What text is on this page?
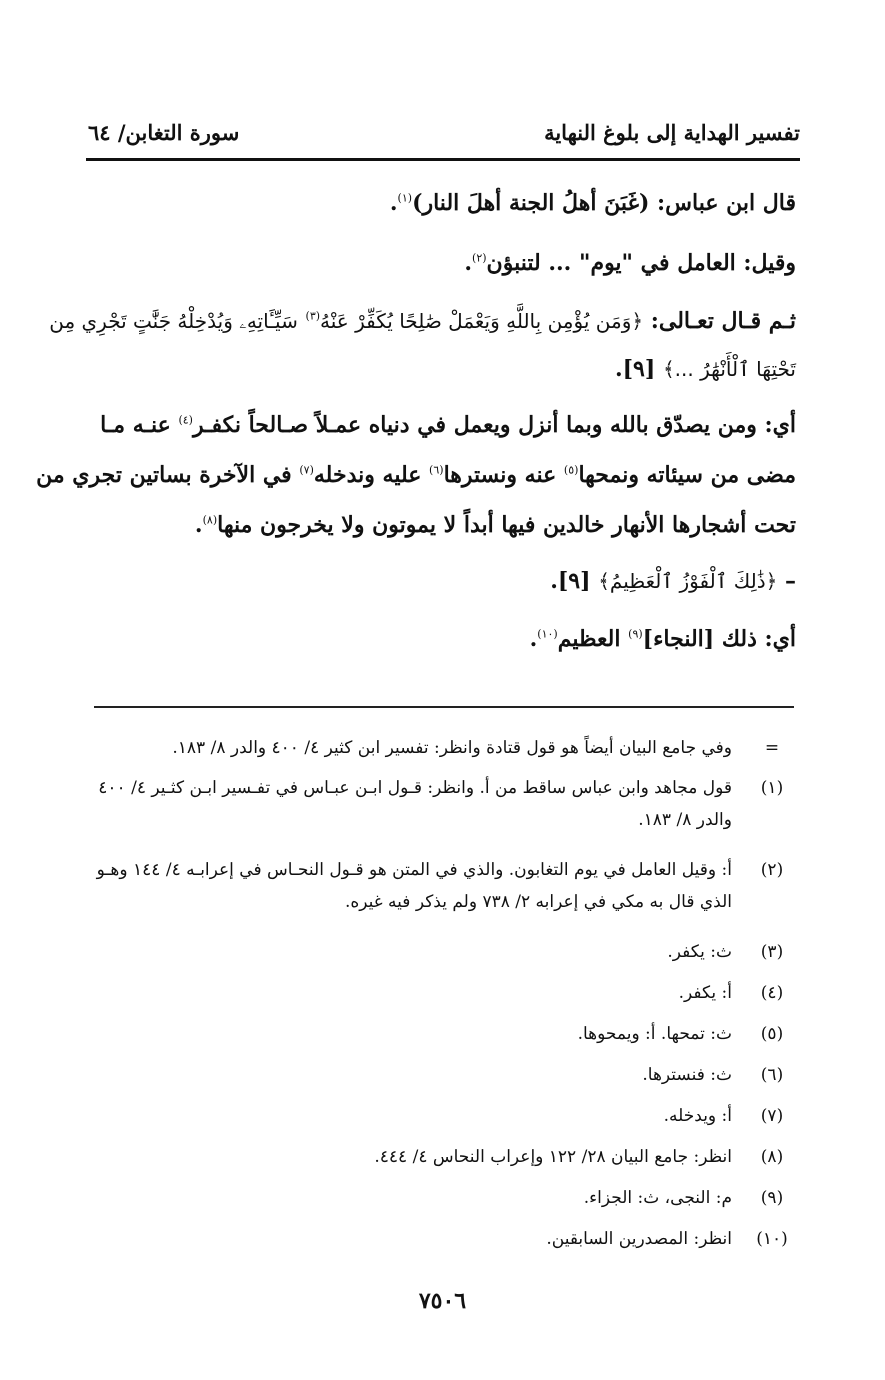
تفسير الهداية إلى بلوغ النهاية
سورة التغابن/ ٦٤
قال ابن عباس: (غَبَنَ أهلُ الجنة أهلَ النار)$^{(١)}$.
وقيل: العامل في "يوم" ... لتنبؤن$^{(٢)}$.
ثـم قـال تعـالى: ﴿وَمَن يُؤْمِن بِاللَّهِ وَيَعْمَلْ صَٰلِحًا يُكَفِّرْ عَنْهُ$^{(٣)}$ سَيِّـَٔاتِهِۦ وَيُدْخِلْهُ جَنَّٰتٍ تَجْرِي مِن
تَحْتِهَا ٱلْأَنْهَٰرُ ...﴾ [٩].
أي: ومن يصدّق بالله وبما أنزل ويعمل في دنياه عمـلاً صـالحاً نكفـر$^{(٤)}$ عنـه مـا
مضى من سيئاته ونمحها$^{(٥)}$ عنه ونسترها$^{(٦)}$ عليه وندخله$^{(٧)}$ في الآخرة بساتين تجري من
تحت أشجارها الأنهار خالدين فيها أبداً لا يموتون ولا يخرجون منها$^{(٨)}$.
– ﴿ذَٰلِكَ ٱلْفَوْزُ ٱلْعَظِيمُ﴾ [٩].
أي: ذلك [النجاء]$^{(٩)}$ العظيم$^{(١٠)}$.
=
وفي جامع البيان أيضاً هو قول قتادة وانظر: تفسير ابن كثير ٤/ ٤٠٠ والدر ٨/ ١٨٣.
(١)
قول مجاهد وابن عباس ساقط من أ. وانظر: قـول ابـن عبـاس في تفـسير ابـن كثـير ٤/ ٤٠٠
والدر ٨/ ١٨٣.
(٢)
أ: وقيل العامل في يوم التغابون. والذي في المتن هو قـول النحـاس في إعرابـه ٤/ ١٤٤ وهـو
الذي قال به مكي في إعرابه ٢/ ٧٣٨ ولم يذكر فيه غيره.
(٣)
ث: يكفر.
(٤)
أ: يكفر.
(٥)
ث: تمحها. أ: ويمحوها.
(٦)
ث: فنسترها.
(٧)
أ: ويدخله.
(٨)
انظر: جامع البيان ٢٨/ ١٢٢ وإعراب النحاس ٤/ ٤٤٤.
(٩)
م: النجى، ث: الجزاء.
(١٠)
انظر: المصدرين السابقين.
٧٥٠٦
